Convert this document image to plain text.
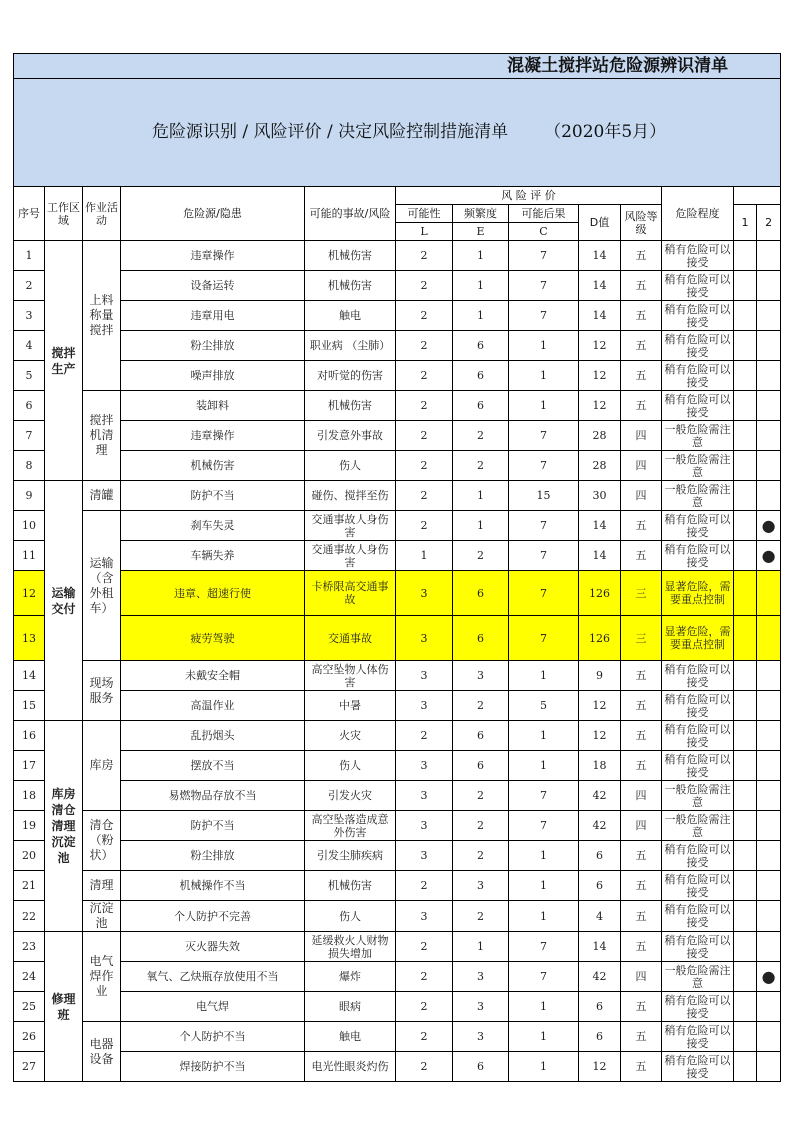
混凝土搅拌站危险源辨识清单												
危险源识别 / 风险评价 / 决定风险控制措施清单 （2020年5月）												
序号	工作区域	作业活动	危险源/隐患	可能的事故/风险	风 险 评 价					危险程度		
					可能性	频繁度	可能后果	D值	风险等级		1	2
					L	E	C					
1	搅拌生产	上料称量搅拌	违章操作	机械伤害	2	1	7	14	五	稍有危险可以接受		
2			设备运转	机械伤害	2	1	7	14	五	稍有危险可以接受		
3			违章用电	触电	2	1	7	14	五	稍有危险可以接受		
4			粉尘排放	职业病 （尘肺）	2	6	1	12	五	稍有危险可以接受		
5			噪声排放	对听觉的伤害	2	6	1	12	五	稍有危险可以接受		
6		搅拌机清理	装卸料	机械伤害	2	6	1	12	五	稍有危险可以接受		
7			违章操作	引发意外事故	2	2	7	28	四	一般危险需注意		
8			机械伤害	伤人	2	2	7	28	四	一般危险需注意		
9	运输交付	清罐	防护不当	碰伤、搅拌至伤	2	1	15	30	四	一般危险需注意		
10		运输（含外租车）	刹车失灵	交通事故人身伤害	2	1	7	14	五	稍有危险可以接受		●
11			车辆失养	交通事故人身伤害	1	2	7	14	五	稍有危险可以接受		●
12			违章、超速行使	卡桥限高交通事故	3	6	7	126	三	显著危险，需要重点控制		
13			疲劳驾驶	交通事故	3	6	7	126	三	显著危险，需要重点控制		
14		现场服务	未戴安全帽	高空坠物人体伤害	3	3	1	9	五	稍有危险可以接受		
15			高温作业	中暑	3	2	5	12	五	稍有危险可以接受		
16	库房清仓清理沉淀池	库房	乱扔烟头	火灾	2	6	1	12	五	稍有危险可以接受		
17			摆放不当	伤人	3	6	1	18	五	稍有危险可以接受		
18			易燃物品存放不当	引发火灾	3	2	7	42	四	一般危险需注意		
19		清仓（粉状）	防护不当	高空坠落造成意外伤害	3	2	7	42	四	一般危险需注意		
20			粉尘排放	引发尘肺疾病	3	2	1	6	五	稍有危险可以接受		
21		清理	机械操作不当	机械伤害	2	3	1	6	五	稍有危险可以接受		
22		沉淀池	个人防护不完善	伤人	3	2	1	4	五	稍有危险可以接受		
23	修理班	电气焊作业	灭火器失效	延缓救火人财物损失增加	2	1	7	14	五	稍有危险可以接受		
24			氧气、乙炔瓶存放使用不当	爆炸	2	3	7	42	四	一般危险需注意		●
25			电气焊	眼病	2	3	1	6	五	稍有危险可以接受		
26		电器设备	个人防护不当	触电	2	3	1	6	五	稍有危险可以接受		
27			焊接防护不当	电光性眼炎灼伤	2	6	1	12	五	稍有危险可以接受		
